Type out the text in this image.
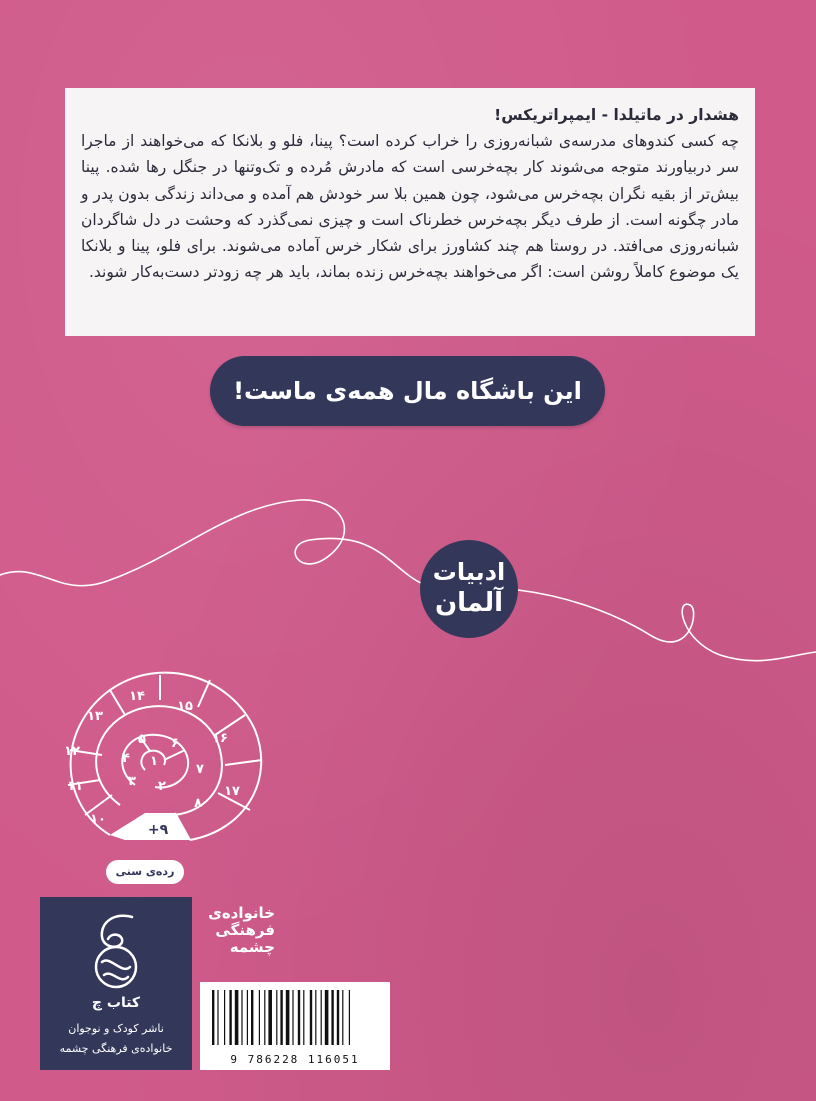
هشدار در ماتیلدا - ایمپراتریکس!
چه کسی کندوهای مدرسه‌ی شبانه‌روزی را خراب کرده است؟ پینا، فلو و بلانکا که می‌خواهند از ماجرا سر دربیاورند متوجه می‌شوند کار بچه‌خرسی است که مادرش مُرده و تک‌وتنها در جنگل رها شده. پینا بیش‌تر از بقیه نگران بچه‌خرس می‌شود، چون همین بلا سر خودش هم آمده و می‌داند زندگی بدون پدر و مادر چگونه است. از طرف دیگر بچه‌خرس خطرناک است و چیزی نمی‌گذرد که وحشت در دل شاگردان شبانه‌روزی می‌افتد. در روستا هم چند کشاورز برای شکار خرس آماده می‌شوند. برای فلو، پینا و بلانکا یک موضوع کاملاً روشن است: اگر می‌خواهند بچه‌خرس زنده بماند، باید هر چه زودتر دست‌به‌کار شوند.
این باشگاه مال همه‌ی ماست!
ادبیات
آلمان
۱
۲
۳
۴
۵ ۶
۷
۸
۱۰
۱۱
۱۲
۱۳
۱۴
۱۵
۱۶
۱۷
+۹
رده‌ی سنی
کتاب چ
ناشر کودک و نوجوان
خانواده‌ی فرهنگی چشمه
خانواده‌ی فرهنگی چشمه
9 786228 116051
